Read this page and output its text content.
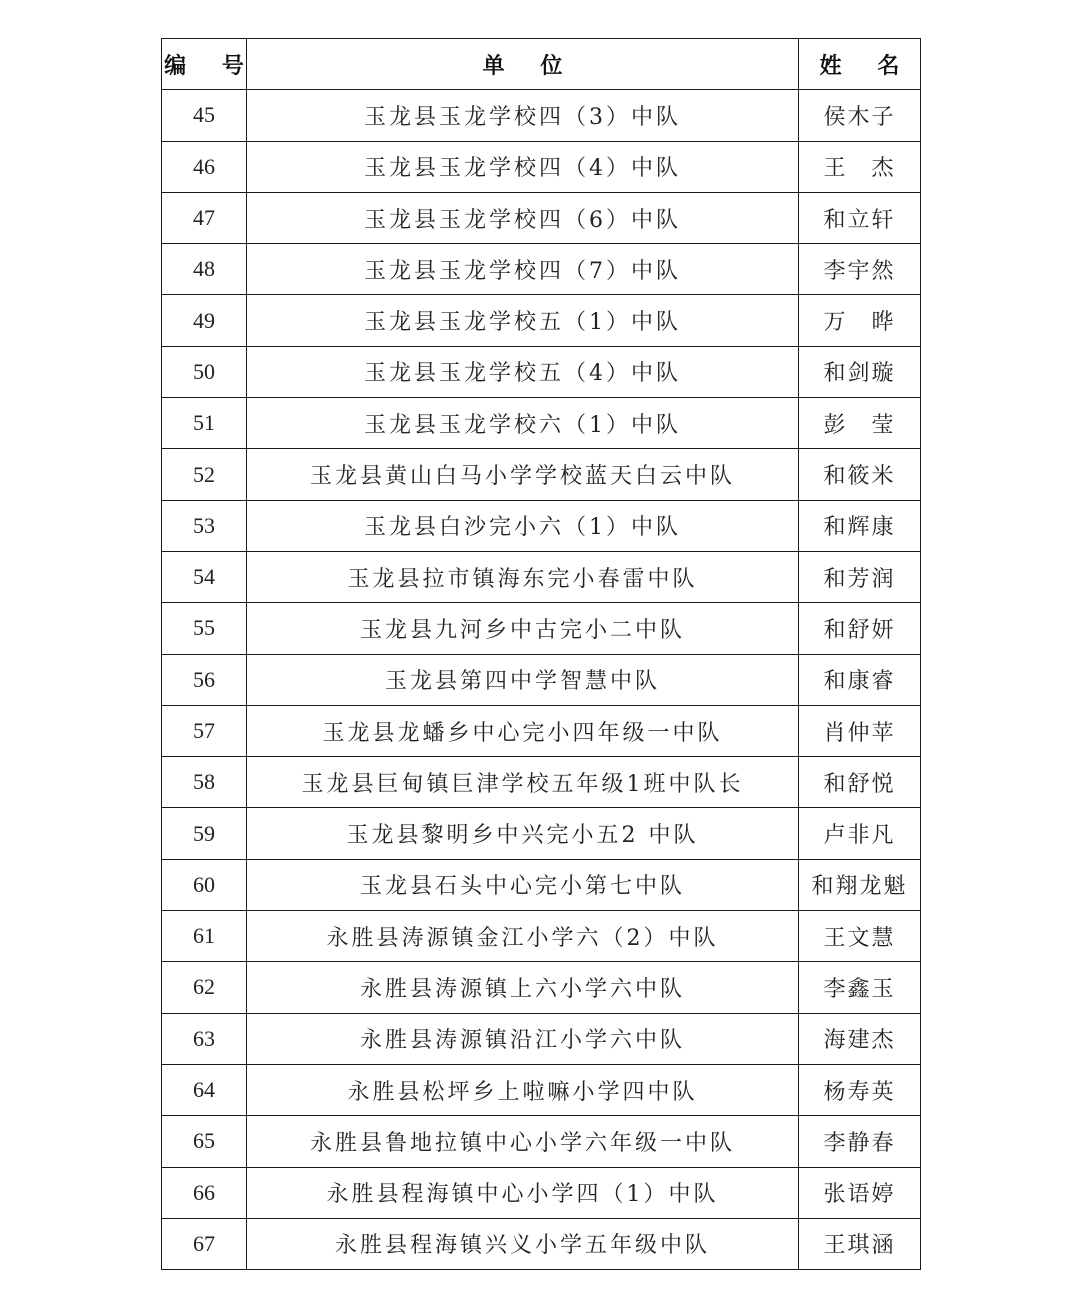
编 号	单 位	姓 名
45	玉龙县玉龙学校四（3）中队	侯木子
46	玉龙县玉龙学校四（4）中队	王　杰
47	玉龙县玉龙学校四（6）中队	和立轩
48	玉龙县玉龙学校四（7）中队	李宇然
49	玉龙县玉龙学校五（1）中队	万　晔
50	玉龙县玉龙学校五（4）中队	和剑璇
51	玉龙县玉龙学校六（1）中队	彭　莹
52	玉龙县黄山白马小学学校蓝天白云中队	和筱米
53	玉龙县白沙完小六（1）中队	和辉康
54	玉龙县拉市镇海东完小春雷中队	和芳润
55	玉龙县九河乡中古完小二中队	和舒妍
56	玉龙县第四中学智慧中队	和康睿
57	玉龙县龙蟠乡中心完小四年级一中队	肖仲苹
58	玉龙县巨甸镇巨津学校五年级1班中队长	和舒悦
59	玉龙县黎明乡中兴完小五2 中队	卢非凡
60	玉龙县石头中心完小第七中队	和翔龙魁
61	永胜县涛源镇金江小学六（2）中队	王文慧
62	永胜县涛源镇上六小学六中队	李鑫玉
63	永胜县涛源镇沿江小学六中队	海建杰
64	永胜县松坪乡上啦嘛小学四中队	杨寿英
65	永胜县鲁地拉镇中心小学六年级一中队	李静春
66	永胜县程海镇中心小学四（1）中队	张语婷
67	永胜县程海镇兴义小学五年级中队	王琪涵
